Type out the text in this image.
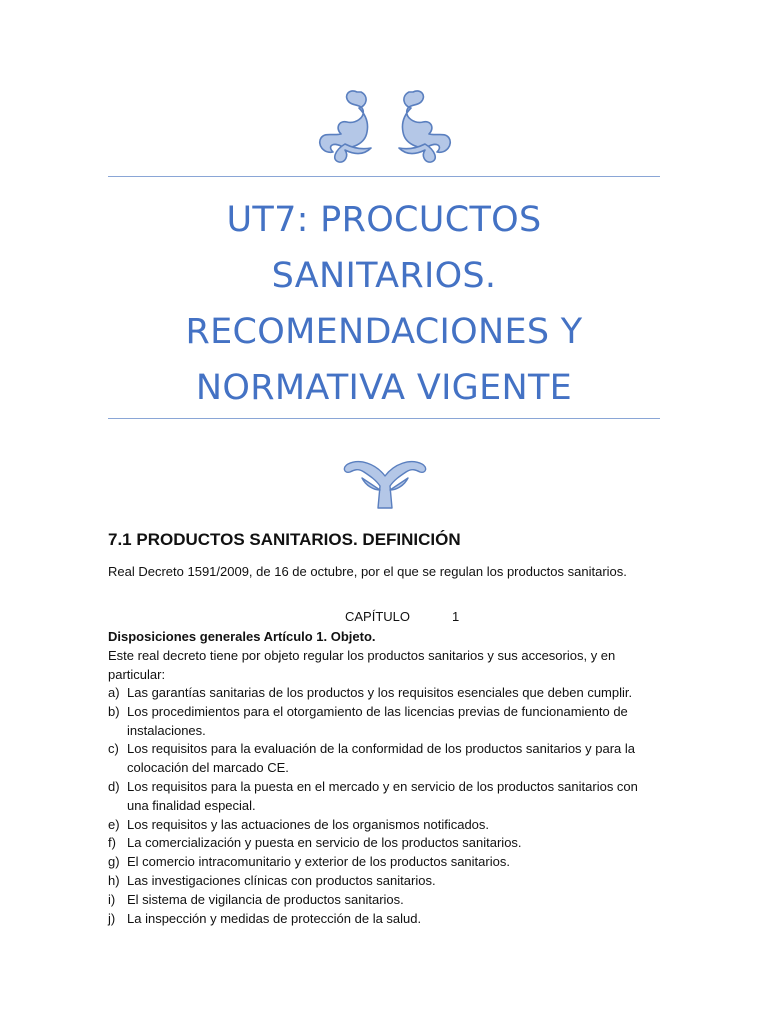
UT7: PROCUCTOS
SANITARIOS.
RECOMENDACIONES Y
NORMATIVA VIGENTE
7.1 PRODUCTOS SANITARIOS. DEFINICIÓN
Real Decreto 1591/2009, de 16 de octubre, por el que se regulan los productos sanitarios.
CAPÍTULO	1
Disposiciones generales Artículo 1. Objeto.
Este real decreto tiene por objeto regular los productos sanitarios y sus accesorios, y en particular:
a) Las garantías sanitarias de los productos y los requisitos esenciales que deben cumplir.
b) Los procedimientos para el otorgamiento de las licencias previas de funcionamiento de instalaciones.
c) Los requisitos para la evaluación de la conformidad de los productos sanitarios y para la colocación del marcado CE.
d) Los requisitos para la puesta en el mercado y en servicio de los productos sanitarios con una finalidad especial.
e) Los requisitos y las actuaciones de los organismos notificados.
f) La comercialización y puesta en servicio de los productos sanitarios.
g) El comercio intracomunitario y exterior de los productos sanitarios.
h) Las investigaciones clínicas con productos sanitarios.
i) El sistema de vigilancia de productos sanitarios.
j) La inspección y medidas de protección de la salud.
